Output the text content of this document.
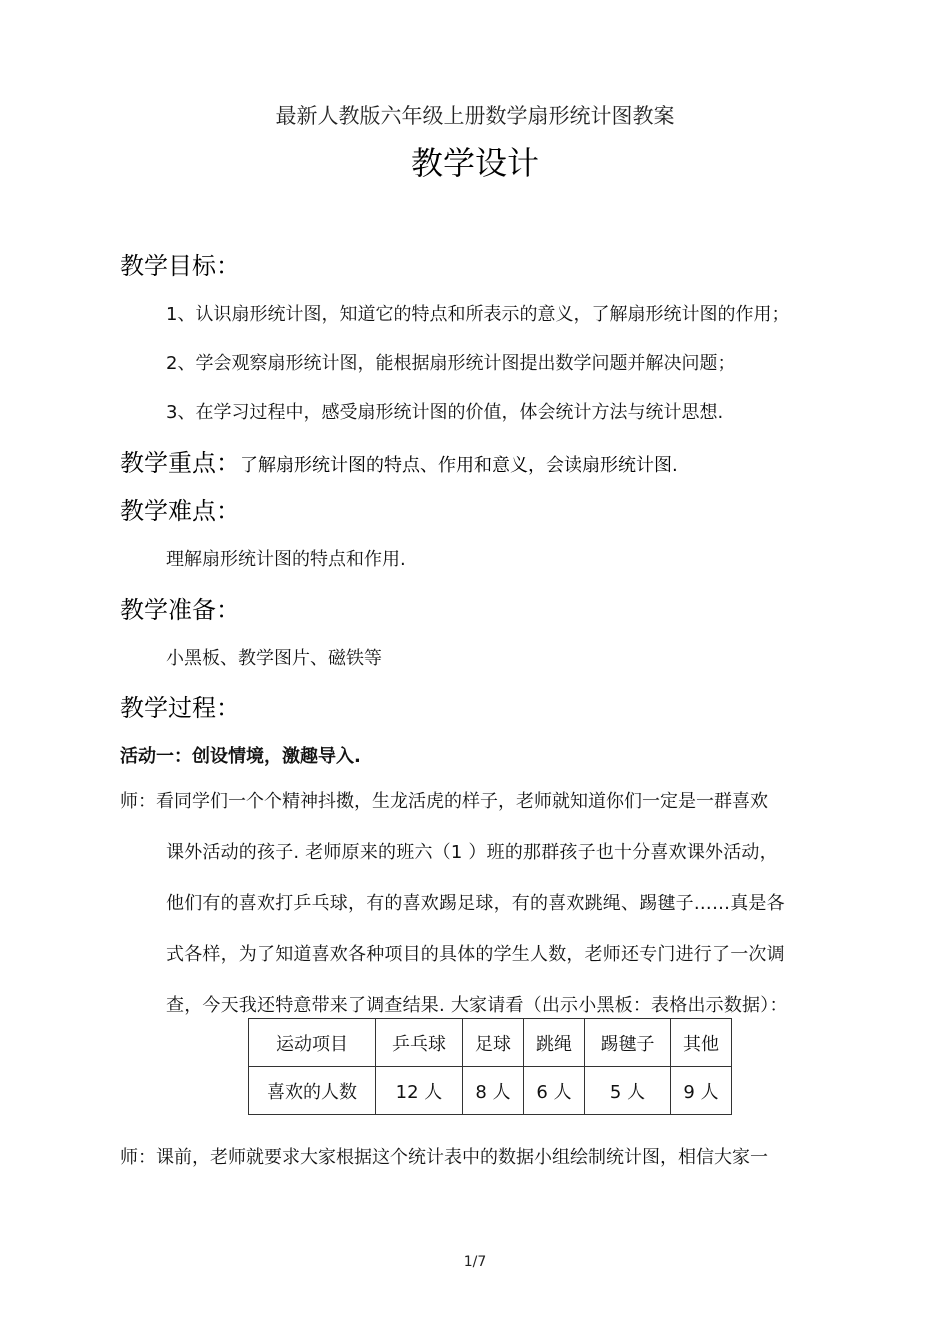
最新人教版六年级上册数学扇形统计图教案
教学设计
教学目标：
1、认识扇形统计图，知道它的特点和所表示的意义，了解扇形统计图的作用；
2、学会观察扇形统计图，能根据扇形统计图提出数学问题并解决问题；
3、在学习过程中，感受扇形统计图的价值，体会统计方法与统计思想.
教学重点：了解扇形统计图的特点、作用和意义，会读扇形统计图.
教学难点：
理解扇形统计图的特点和作用.
教学准备：
小黑板、教学图片、磁铁等
教学过程：
活动一：创设情境，激趣导入.
师：看同学们一个个精神抖擞，生龙活虎的样子，老师就知道你们一定是一群喜欢
课外活动的孩子. 老师原来的班六（1 ）班的那群孩子也十分喜欢课外活动，
他们有的喜欢打乒乓球，有的喜欢踢足球，有的喜欢跳绳、踢毽子……真是各
式各样，为了知道喜欢各种项目的具体的学生人数，老师还专门进行了一次调
查，今天我还特意带来了调查结果. 大家请看（出示小黑板：表格出示数据）：
运动项目	乒乓球	足球	跳绳	踢毽子	其他
喜欢的人数	12 人	8 人	6 人	5 人	9 人
师：课前，老师就要求大家根据这个统计表中的数据小组绘制统计图，相信大家一
1/7
